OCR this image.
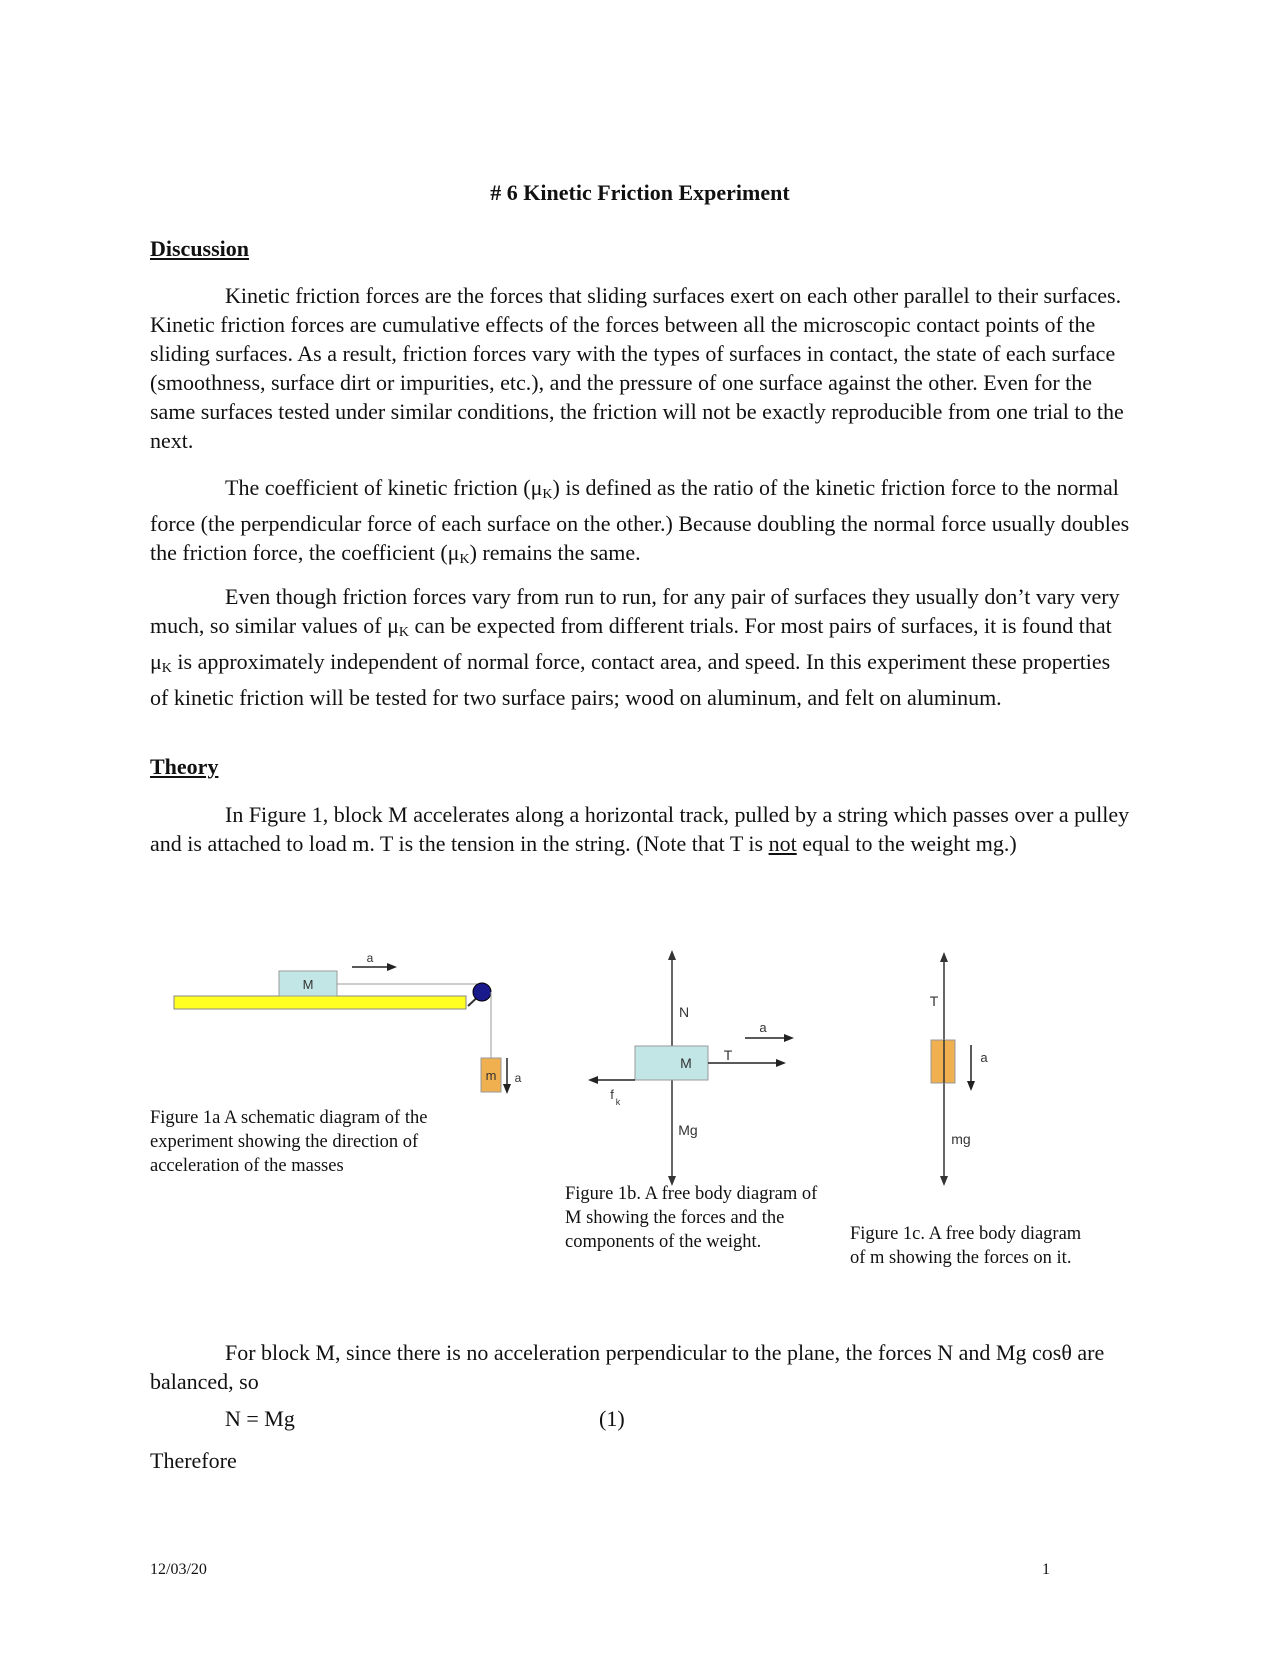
# 6 Kinetic Friction Experiment
Discussion

Kinetic friction forces are the forces that sliding surfaces exert on each other parallel to their surfaces. Kinetic friction forces are cumulative effects of the forces between all the microscopic contact points of the sliding surfaces. As a result, friction forces vary with the types of surfaces in contact, the state of each surface (smoothness, surface dirt or impurities, etc.), and the pressure of one surface against the other. Even for the same surfaces tested under similar conditions, the friction will not be exactly reproducible from one trial to the next.

The coefficient of kinetic friction $(\mu_K)$ is defined as the ratio of the kinetic friction force to the normal force (the perpendicular force of each surface on the other.) Because doubling the normal force usually doubles the friction force, the coefficient $(\mu_K)$ remains the same.

Even though friction forces vary from run to run, for any pair of surfaces they usually don’t vary very much, so similar values of $\mu_K$ can be expected from different trials. For most pairs of surfaces, it is found that $\mu_K$ is approximately independent of normal force, contact area, and speed. In this experiment these properties of kinetic friction will be tested for two surface pairs; wood on aluminum, and felt on aluminum.

Theory

In Figure 1, block M accelerates along a horizontal track, pulled by a string which passes over a pulley and is attached to load m. T is the tension in the string. (Note that T is not equal to the weight mg.)

M
m
a
a
Figure 1a A schematic diagram of the experiment showing the direction of acceleration of the masses
N
M T
a
f k
Mg
Figure 1b. A free body diagram of M showing the forces and the components of the weight.
T
a
mg
Figure 1c. A free body diagram of m showing the forces on it.

For block M, since there is no acceleration perpendicular to the plane, the forces N and Mg cosθ are balanced, so

N = Mg	(1)
Therefore
12/03/20	1
